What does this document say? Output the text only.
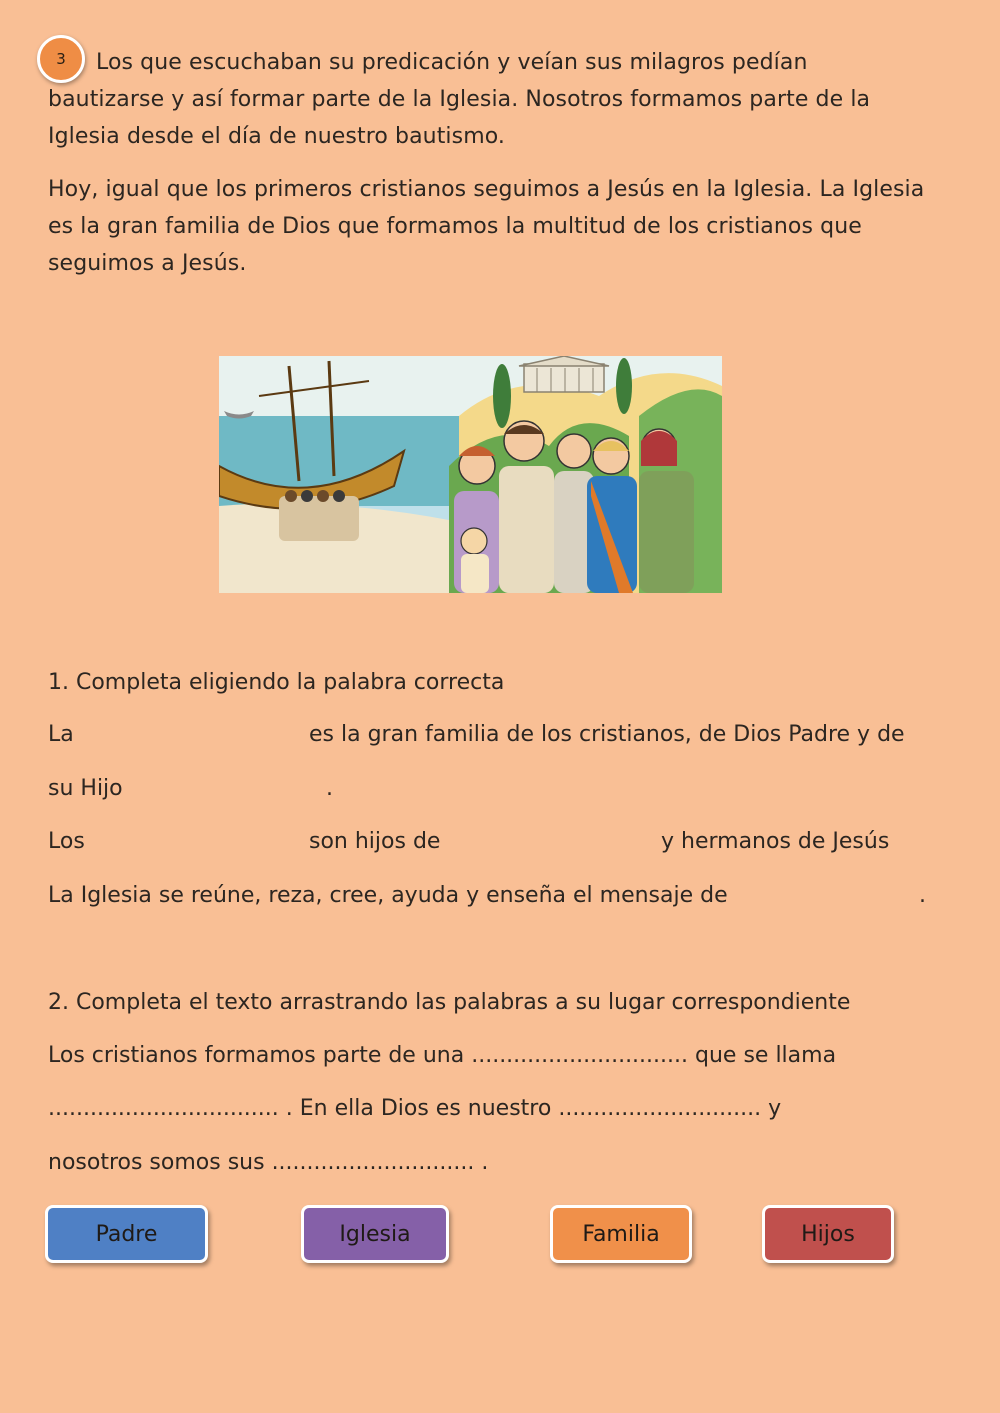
3	Los que escuchaban su predicación y veían sus milagros pedían
bautizarse y así formar parte de la Iglesia. Nosotros formamos parte de la
Iglesia desde el día de nuestro bautismo.
Hoy, igual que los primeros cristianos seguimos a Jesús en la Iglesia. La Iglesia
es la gran familia de Dios que formamos la multitud de los cristianos que
seguimos a Jesús.
1. Completa eligiendo la palabra correcta
La	es la gran familia de los cristianos, de Dios Padre y de
su Hijo	.
Los	son hijos de	y hermanos de Jesús
La Iglesia se reúne, reza, cree, ayuda y enseña el mensaje de	.
2. Completa el texto arrastrando las palabras a su lugar correspondiente
Los cristianos formamos parte de una ............................... que se llama
................................. . En ella Dios es nuestro ............................. y
nosotros somos sus ............................. .
Padre	Iglesia	Familia	Hijos
